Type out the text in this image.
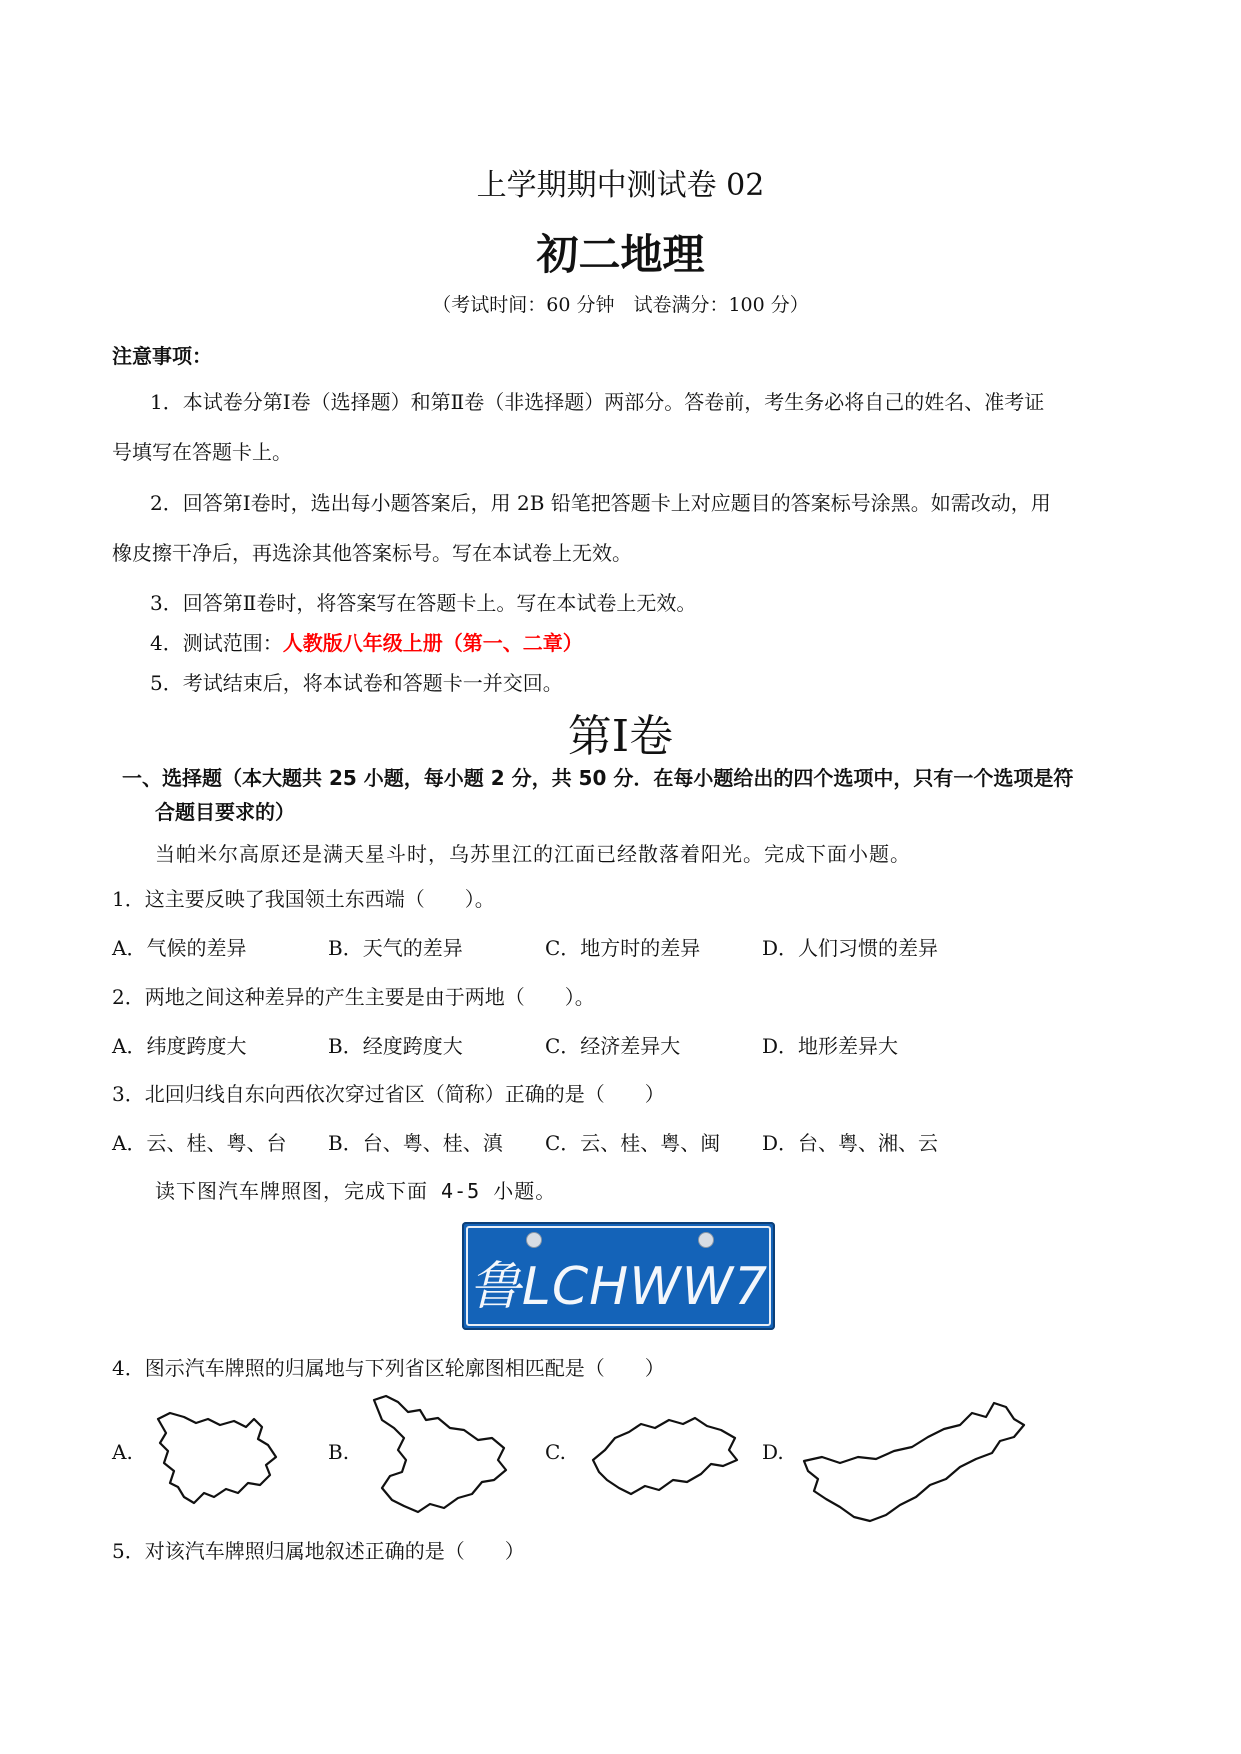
上学期期中测试卷 02
初二地理
（考试时间：60 分钟　试卷满分：100 分）
注意事项：
1．本试卷分第Ⅰ卷（选择题）和第Ⅱ卷（非选择题）两部分。答卷前，考生务必将自己的姓名、准考证
号填写在答题卡上。
2．回答第Ⅰ卷时，选出每小题答案后，用 2B 铅笔把答题卡上对应题目的答案标号涂黑。如需改动，用
橡皮擦干净后，再选涂其他答案标号。写在本试卷上无效。
3．回答第Ⅱ卷时，将答案写在答题卡上。写在本试卷上无效。
4．测试范围：人教版八年级上册（第一、二章）
5．考试结束后，将本试卷和答题卡一并交回。
第Ⅰ卷
一、选择题（本大题共 25 小题，每小题 2 分，共 50 分．在每小题给出的四个选项中，只有一个选项是符
合题目要求的）
当帕米尔高原还是满天星斗时，乌苏里江的江面已经散落着阳光。完成下面小题。
1．这主要反映了我国领土东西端（　　）。
A．气候的差异	B．天气的差异	C．地方时的差异	D．人们习惯的差异
2．两地之间这种差异的产生主要是由于两地（　　）。
A．纬度跨度大	B．经度跨度大	C．经济差异大	D．地形差异大
3．北回归线自东向西依次穿过省区（简称）正确的是（　　）
A．云、桂、粤、台 B．台、粤、桂、滇 C．云、桂、粤、闽 D．台、粤、湘、云
读下图汽车牌照图，完成下面 4-5 小题。
鲁LCHWW7
4．图示汽车牌照的归属地与下列省区轮廓图相匹配是（　　）
A.	B.	C.	D.
5．对该汽车牌照归属地叙述正确的是（　　）
